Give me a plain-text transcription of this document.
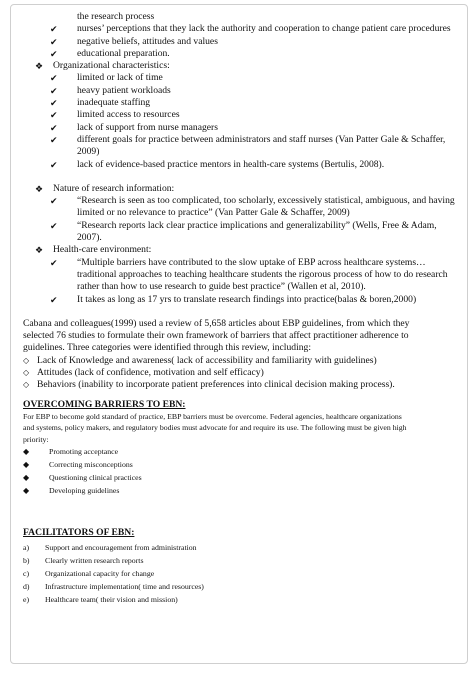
the research process
✔	nurses’ perceptions that they lack the authority and cooperation to change patient care procedures
✔	negative beliefs, attitudes and values
✔	educational preparation.
❖	Organizational characteristics:
✔	limited or lack of time
✔	heavy patient workloads
✔	inadequate staffing
✔	limited access to resources
✔	lack of support from nurse managers
✔	different goals for practice between administrators and staff nurses (Van Patter Gale & Schaffer,
2009)
✔	lack of evidence-based practice mentors in health-care systems (Bertulis, 2008).
❖	Nature of research information:
✔	“Research is seen as too complicated, too scholarly, excessively statistical, ambiguous, and having
limited or no relevance to practice” (Van Patter Gale & Schaffer, 2009)
✔	“Research reports lack clear practice implications and generalizability” (Wells, Free & Adam,
2007).
❖	Health-care environment:
✔	“Multiple barriers have contributed to the slow uptake of EBP across healthcare systems…
traditional approaches to teaching healthcare students the rigorous process of how to do research
rather than how to use research to guide best practice” (Wallen et al, 2010).
✔	It takes as long as 17 yrs to translate research findings into practice(balas & boren,2000)
Cabana and colleagues(1999) used a review of 5,658 articles about EBP guidelines, from which they
selected 76 studies to formulate their own framework of barriers that affect practitioner adherence to
guidelines. Three categories were identified through this review, including:
◇ Lack of Knowledge and awareness( lack of accessibility and familiarity with guidelines)
◇ Attitudes (lack of confidence, motivation and self efficacy)
◇ Behaviors (inability to incorporate patient preferences into clinical decision making process).
OVERCOMING BARRIERS TO EBN:
For EBP to become gold standard of practice, EBP barriers must be overcome. Federal agencies, healthcare organizations
and systems, policy makers, and regulatory bodies must advocate for and require its use. The following must be given high
priority:
◆	Promoting acceptance
◆	Correcting misconceptions
◆	Questioning clinical practices
◆	Developing guidelines
FACILITATORS OF EBN:
a)	Support and encouragement from administration
b)	Clearly written research reports
c)	Organizational capacity for change
d)	Infrastructure implementation( time and resources)
e)	Healthcare team( their vision and mission)
